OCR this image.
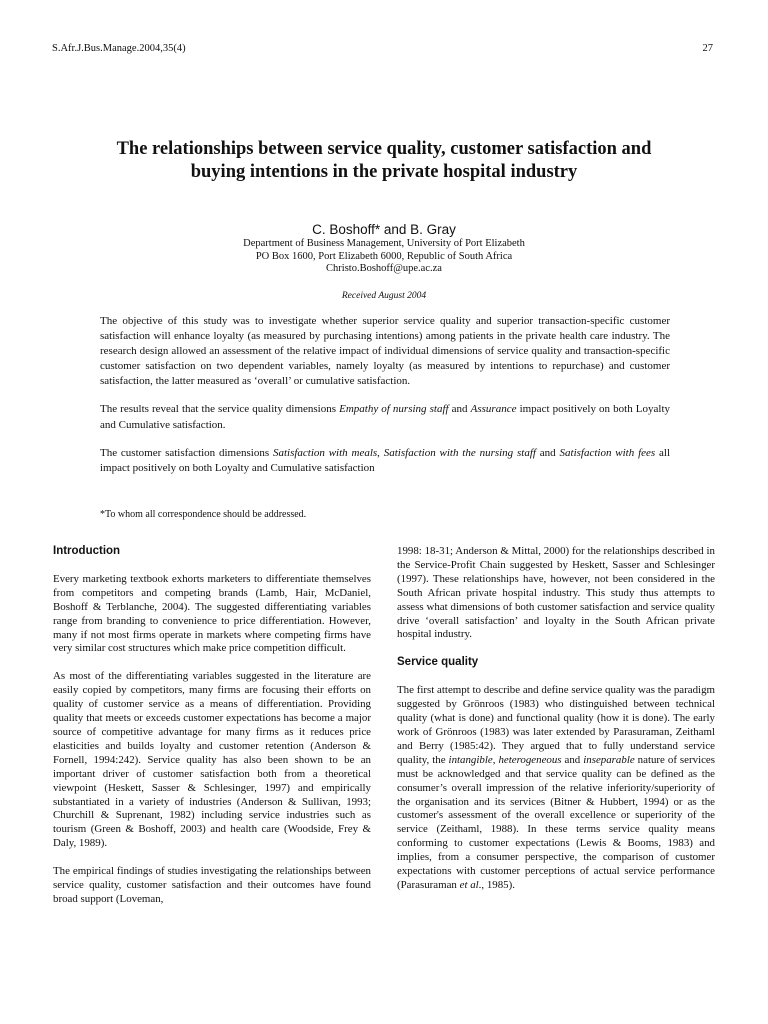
S.Afr.J.Bus.Manage.2004,35(4)	27
The relationships between service quality, customer satisfaction and
buying intentions in the private hospital industry
C. Boshoff* and B. Gray
Department of Business Management, University of Port Elizabeth
PO Box 1600, Port Elizabeth 6000, Republic of South Africa
Christo.Boshoff@upe.ac.za
Received August 2004

The objective of this study was to investigate whether superior service quality and superior transaction-specific customer satisfaction will enhance loyalty (as measured by purchasing intentions) among patients in the private health care industry. The research design allowed an assessment of the relative impact of individual dimensions of service quality and transaction-specific customer satisfaction on two dependent variables, namely loyalty (as measured by intentions to repurchase) and customer satisfaction, the latter measured as ‘overall’ or cumulative satisfaction.

The results reveal that the service quality dimensions Empathy of nursing staff and Assurance impact positively on both Loyalty and Cumulative satisfaction.

The customer satisfaction dimensions Satisfaction with meals, Satisfaction with the nursing staff and Satisfaction with fees all impact positively on both Loyalty and Cumulative satisfaction

*To whom all correspondence should be addressed.
Introduction

Every marketing textbook exhorts marketers to differentiate themselves from competitors and competing brands (Lamb, Hair, McDaniel, Boshoff & Terblanche, 2004). The suggested differentiating variables range from branding to convenience to price differentiation. However, many if not most firms operate in markets where competing firms have very similar cost structures which make price competition difficult.

As most of the differentiating variables suggested in the literature are easily copied by competitors, many firms are focusing their efforts on quality of customer service as a means of differentiation. Providing quality that meets or exceeds customer expectations has become a major source of competitive advantage for many firms as it reduces price elasticities and builds loyalty and customer retention (Anderson & Fornell, 1994:242). Service quality has also been shown to be an important driver of customer satisfaction both from a theoretical viewpoint (Heskett, Sasser & Schlesinger, 1997) and empirically substantiated in a variety of industries (Anderson & Sullivan, 1993; Churchill & Suprenant, 1982) including service industries such as tourism (Green & Boshoff, 2003) and health care (Woodside, Frey & Daly, 1989).

The empirical findings of studies investigating the relationships between service quality, customer satisfaction and their outcomes have found broad support (Loveman,

1998: 18-31; Anderson & Mittal, 2000) for the relationships described in the Service-Profit Chain suggested by Heskett, Sasser and Schlesinger (1997). These relationships have, however, not been considered in the South African private hospital industry. This study thus attempts to assess what dimensions of both customer satisfaction and service quality drive ‘overall satisfaction’ and loyalty in the South African private hospital industry.

Service quality

The first attempt to describe and define service quality was the paradigm suggested by Grönroos (1983) who distinguished between technical quality (what is done) and functional quality (how it is done). The early work of Grönroos (1983) was later extended by Parasuraman, Zeithaml and Berry (1985:42). They argued that to fully understand service quality, the intangible, heterogeneous and inseparable nature of services must be acknowledged and that service quality can be defined as the consumer’s overall impression of the relative inferiority/superiority of the organisation and its services (Bitner & Hubbert, 1994) or as the customer's assessment of the overall excellence or superiority of the service (Zeithaml, 1988). In these terms service quality means conforming to customer expectations (Lewis & Booms, 1983) and implies, from a consumer perspective, the comparison of customer expectations with customer perceptions of actual service performance (Parasuraman et al., 1985).
